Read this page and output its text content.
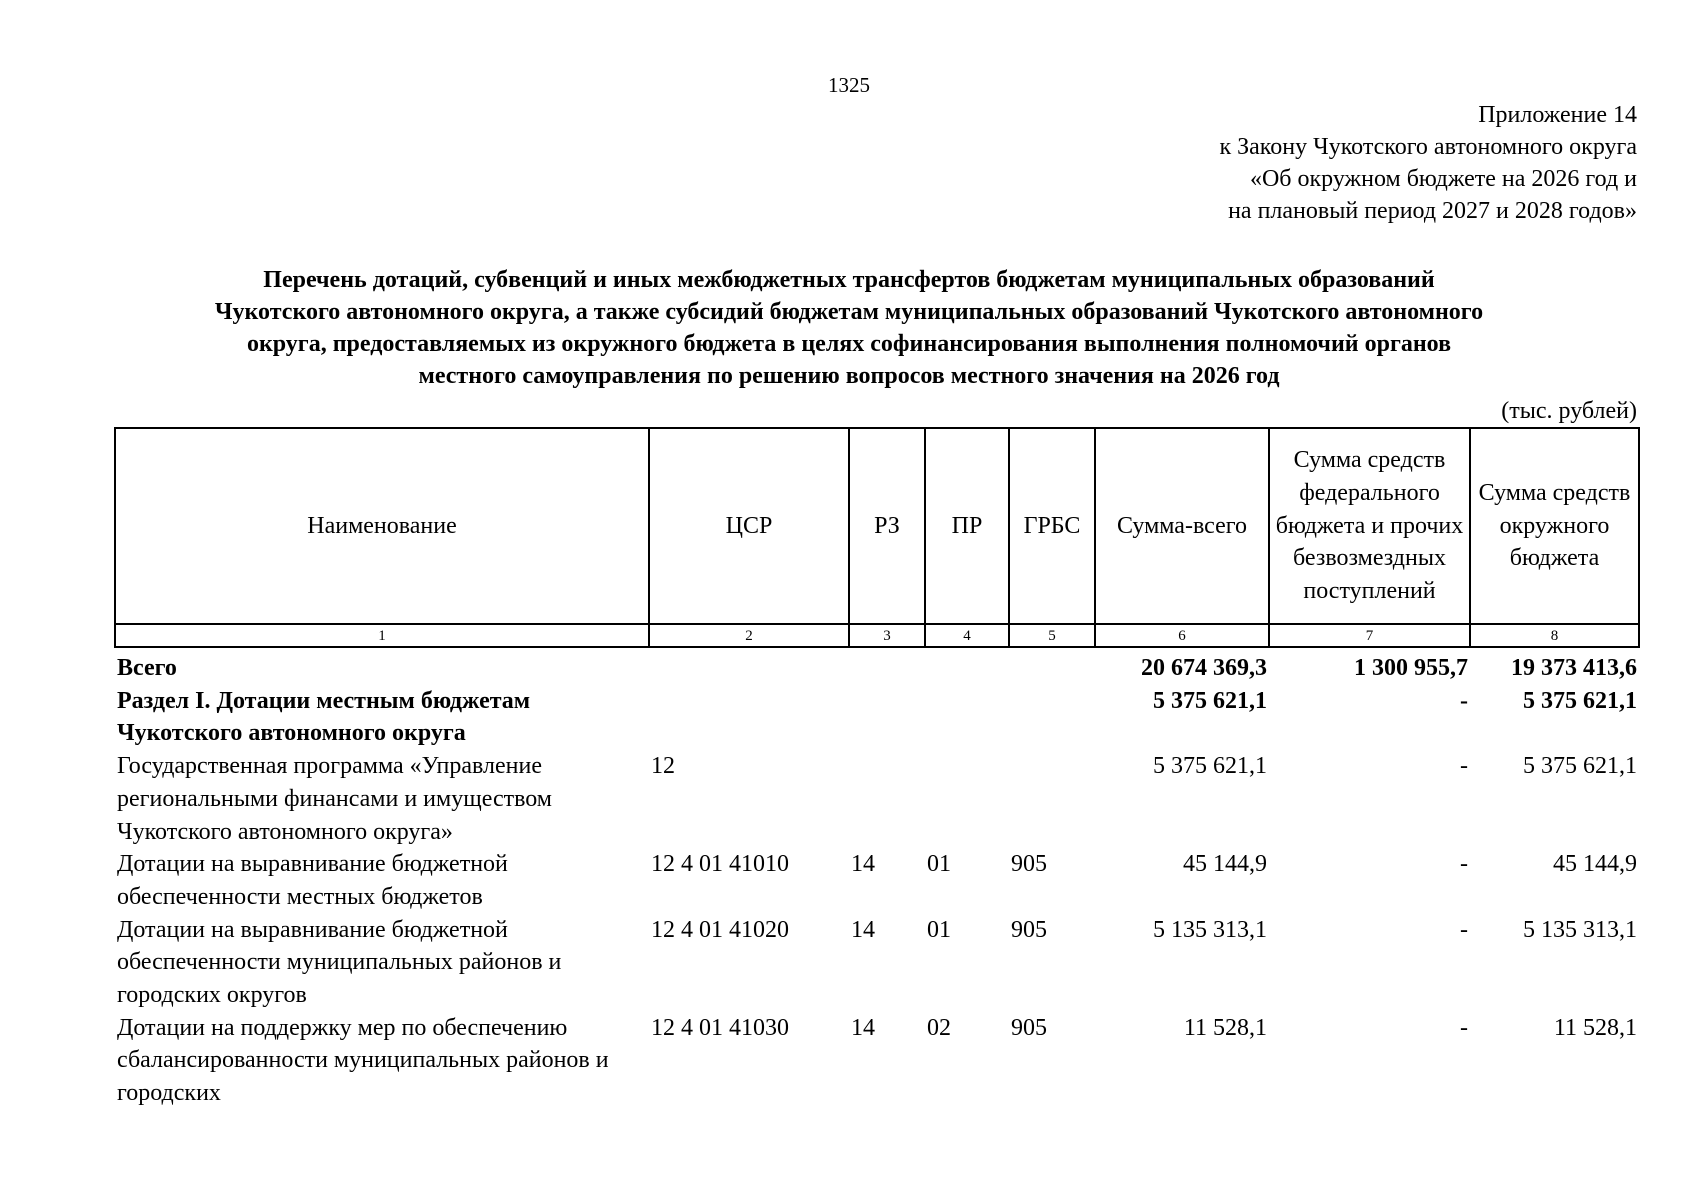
1325
Приложение 14
к Закону Чукотского автономного округа
«Об окружном бюджете на 2026 год и
на плановый период 2027 и 2028 годов»
Перечень дотаций, субвенций и иных межбюджетных трансфертов бюджетам муниципальных образований
Чукотского автономного округа, а также субсидий бюджетам муниципальных образований Чукотского автономного
округа, предоставляемых из окружного бюджета в целях софинансирования выполнения полномочий органов
местного самоуправления по решению вопросов местного значения на 2026 год
(тыс. рублей)
Наименование	ЦСР	РЗ	ПР	ГРБС	Сумма-всего	Сумма средств федерального бюджета и прочих безвозмездных поступлений	Сумма средств окружного бюджета
1	2	3	4	5	6	7	8

Всего					20 674 369,3	1 300 955,7	19 373 413,6
Раздел I. Дотации местным бюджетам Чукотского автономного округа					5 375 621,1	-	5 375 621,1
Государственная программа «Управление региональными финансами и имуществом Чукотского автономного округа»	12				5 375 621,1	-	5 375 621,1
Дотации на выравнивание бюджетной обеспеченности местных бюджетов	12 4 01 41010	14	01	905	45 144,9	-	45 144,9
Дотации на выравнивание бюджетной обеспеченности муниципальных районов и городских округов	12 4 01 41020	14	01	905	5 135 313,1	-	5 135 313,1
Дотации на поддержку мер по обеспечению сбалансированности муниципальных районов и городских	12 4 01 41030	14	02	905	11 528,1	-	11 528,1
